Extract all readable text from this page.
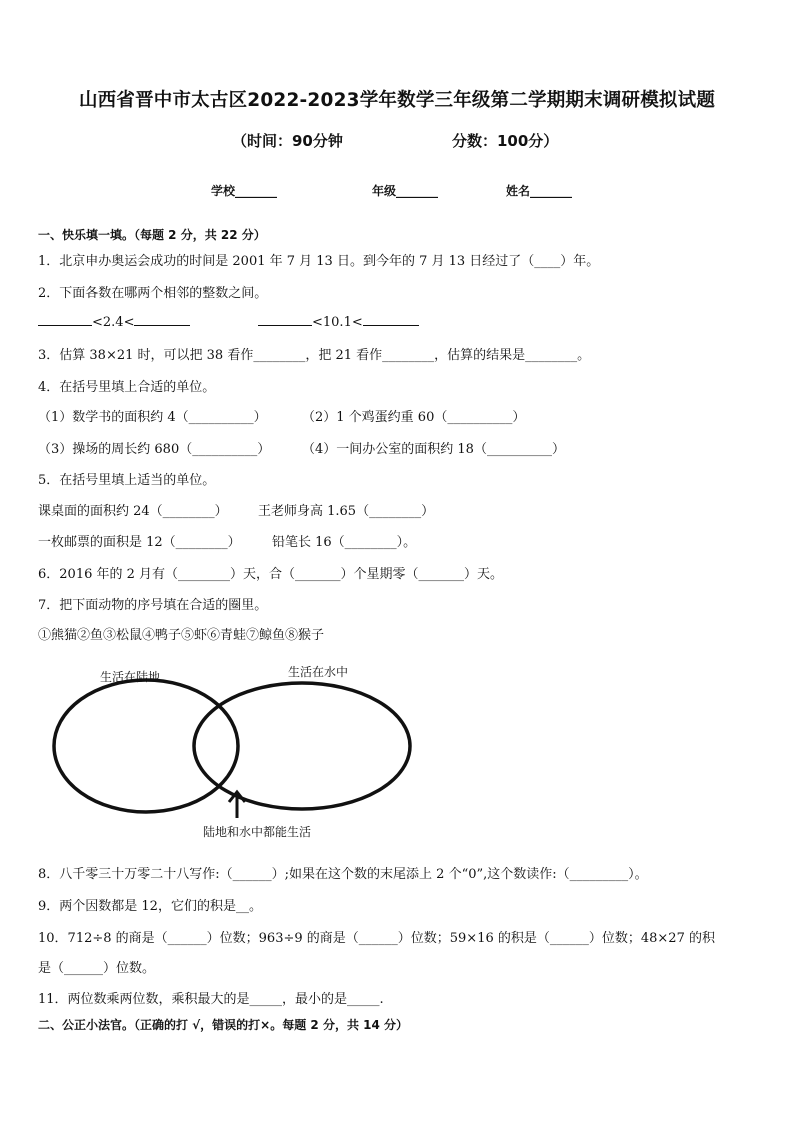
山西省晋中市太古区2022-2023学年数学三年级第二学期期末调研模拟试题
（时间：90分钟	分数：100分）
学校_______	年级_______	姓名_______
一、快乐填一填。（每题 2 分，共 22 分）
1．北京申办奥运会成功的时间是 2001 年 7 月 13 日。到今年的 7 月 13 日经过了（____）年。
2．下面各数在哪两个相邻的整数之间。
<2.4<	<10.1<
3．估算 38×21 时，可以把 38 看作________，把 21 看作________，估算的结果是________。
4．在括号里填上合适的单位。
（1）数学书的面积约 4（__________）	（2）1 个鸡蛋约重 60（__________）
（3）操场的周长约 680（__________） （4）一间办公室的面积约 18（__________）
5．在括号里填上适当的单位。
课桌面的面积约 24（________） 王老师身高 1.65（________）
一枚邮票的面积是 12（________） 铅笔长 16（________）。
6．2016 年的 2 月有（________）天，合（_______）个星期零（_______）天。
7．把下面动物的序号填在合适的圈里。
①熊猫②鱼③松鼠④鸭子⑤虾⑥青蛙⑦鲸鱼⑧猴子
生活在陆地	生活在水中
陆地和水中都能生活
8．八千零三十万零二十八写作:（______）;如果在这个数的末尾添上 2 个“0”,这个数读作:（_________）。
9．两个因数都是 12，它们的积是__。
10．712÷8 的商是（______）位数；963÷9 的商是（______）位数；59×16 的积是（______）位数；48×27 的积
是（______）位数。
11．两位数乘两位数，乘积最大的是_____，最小的是_____.
二、公正小法官。（正确的打 √，错误的打×。每题 2 分，共 14 分）
